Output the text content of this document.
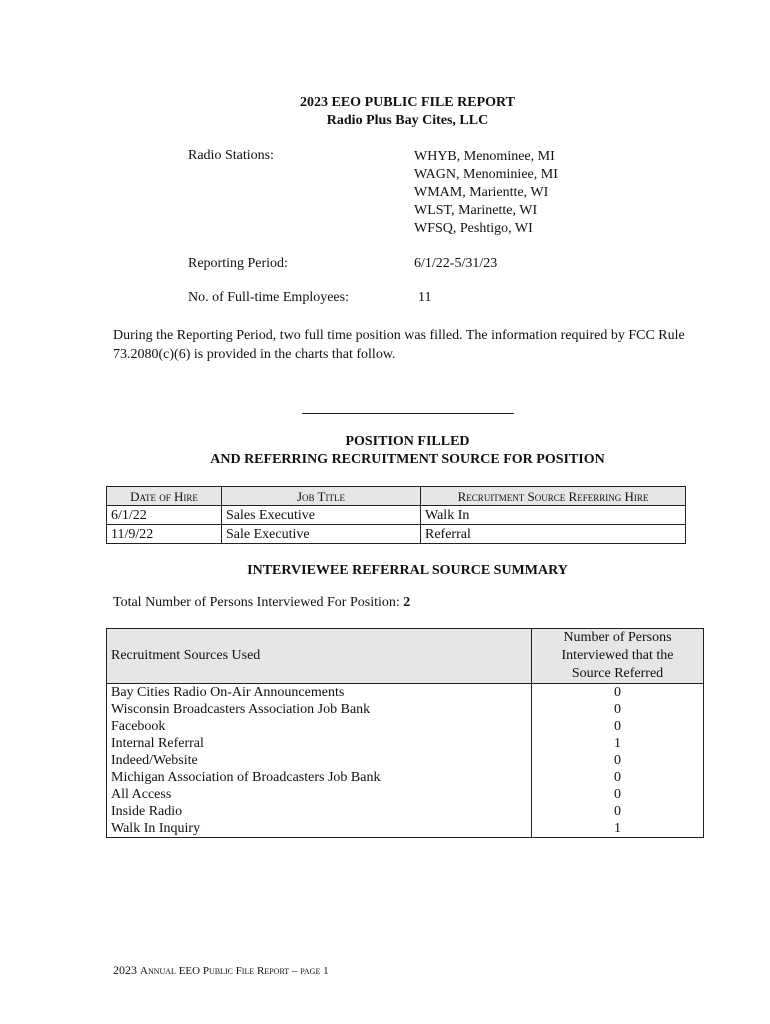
2023 EEO PUBLIC FILE REPORT
Radio Plus Bay Cites, LLC
Radio Stations:	WHYB, Menominee, MI
WAGN, Menominiee, MI
WMAM, Marientte, WI
WLST, Marinette, WI
WFSQ, Peshtigo, WI
Reporting Period:	6/1/22-5/31/23
No. of Full-time Employees:	11
During the Reporting Period, two full time position was filled. The information required by FCC Rule 73.2080(c)(6) is provided in the charts that follow.
POSITION FILLED
AND REFERRING RECRUITMENT SOURCE FOR POSITION
Date of Hire	Job Title	Recruitment Source Referring Hire
6/1/22	Sales Executive	Walk In
11/9/22	Sale Executive	Referral
INTERVIEWEE REFERRAL SOURCE SUMMARY
Total Number of Persons Interviewed For Position: 2
Recruitment Sources Used	Number of Persons
Interviewed that the
Source Referred

Bay Cities Radio On-Air Announcements	0
Wisconsin Broadcasters Association Job Bank	0
Facebook	0
Internal Referral	1
Indeed/Website	0
Michigan Association of Broadcasters Job Bank	0
All Access	0
Inside Radio	0
Walk In Inquiry	1
2023 Annual EEO Public File Report – page 1
